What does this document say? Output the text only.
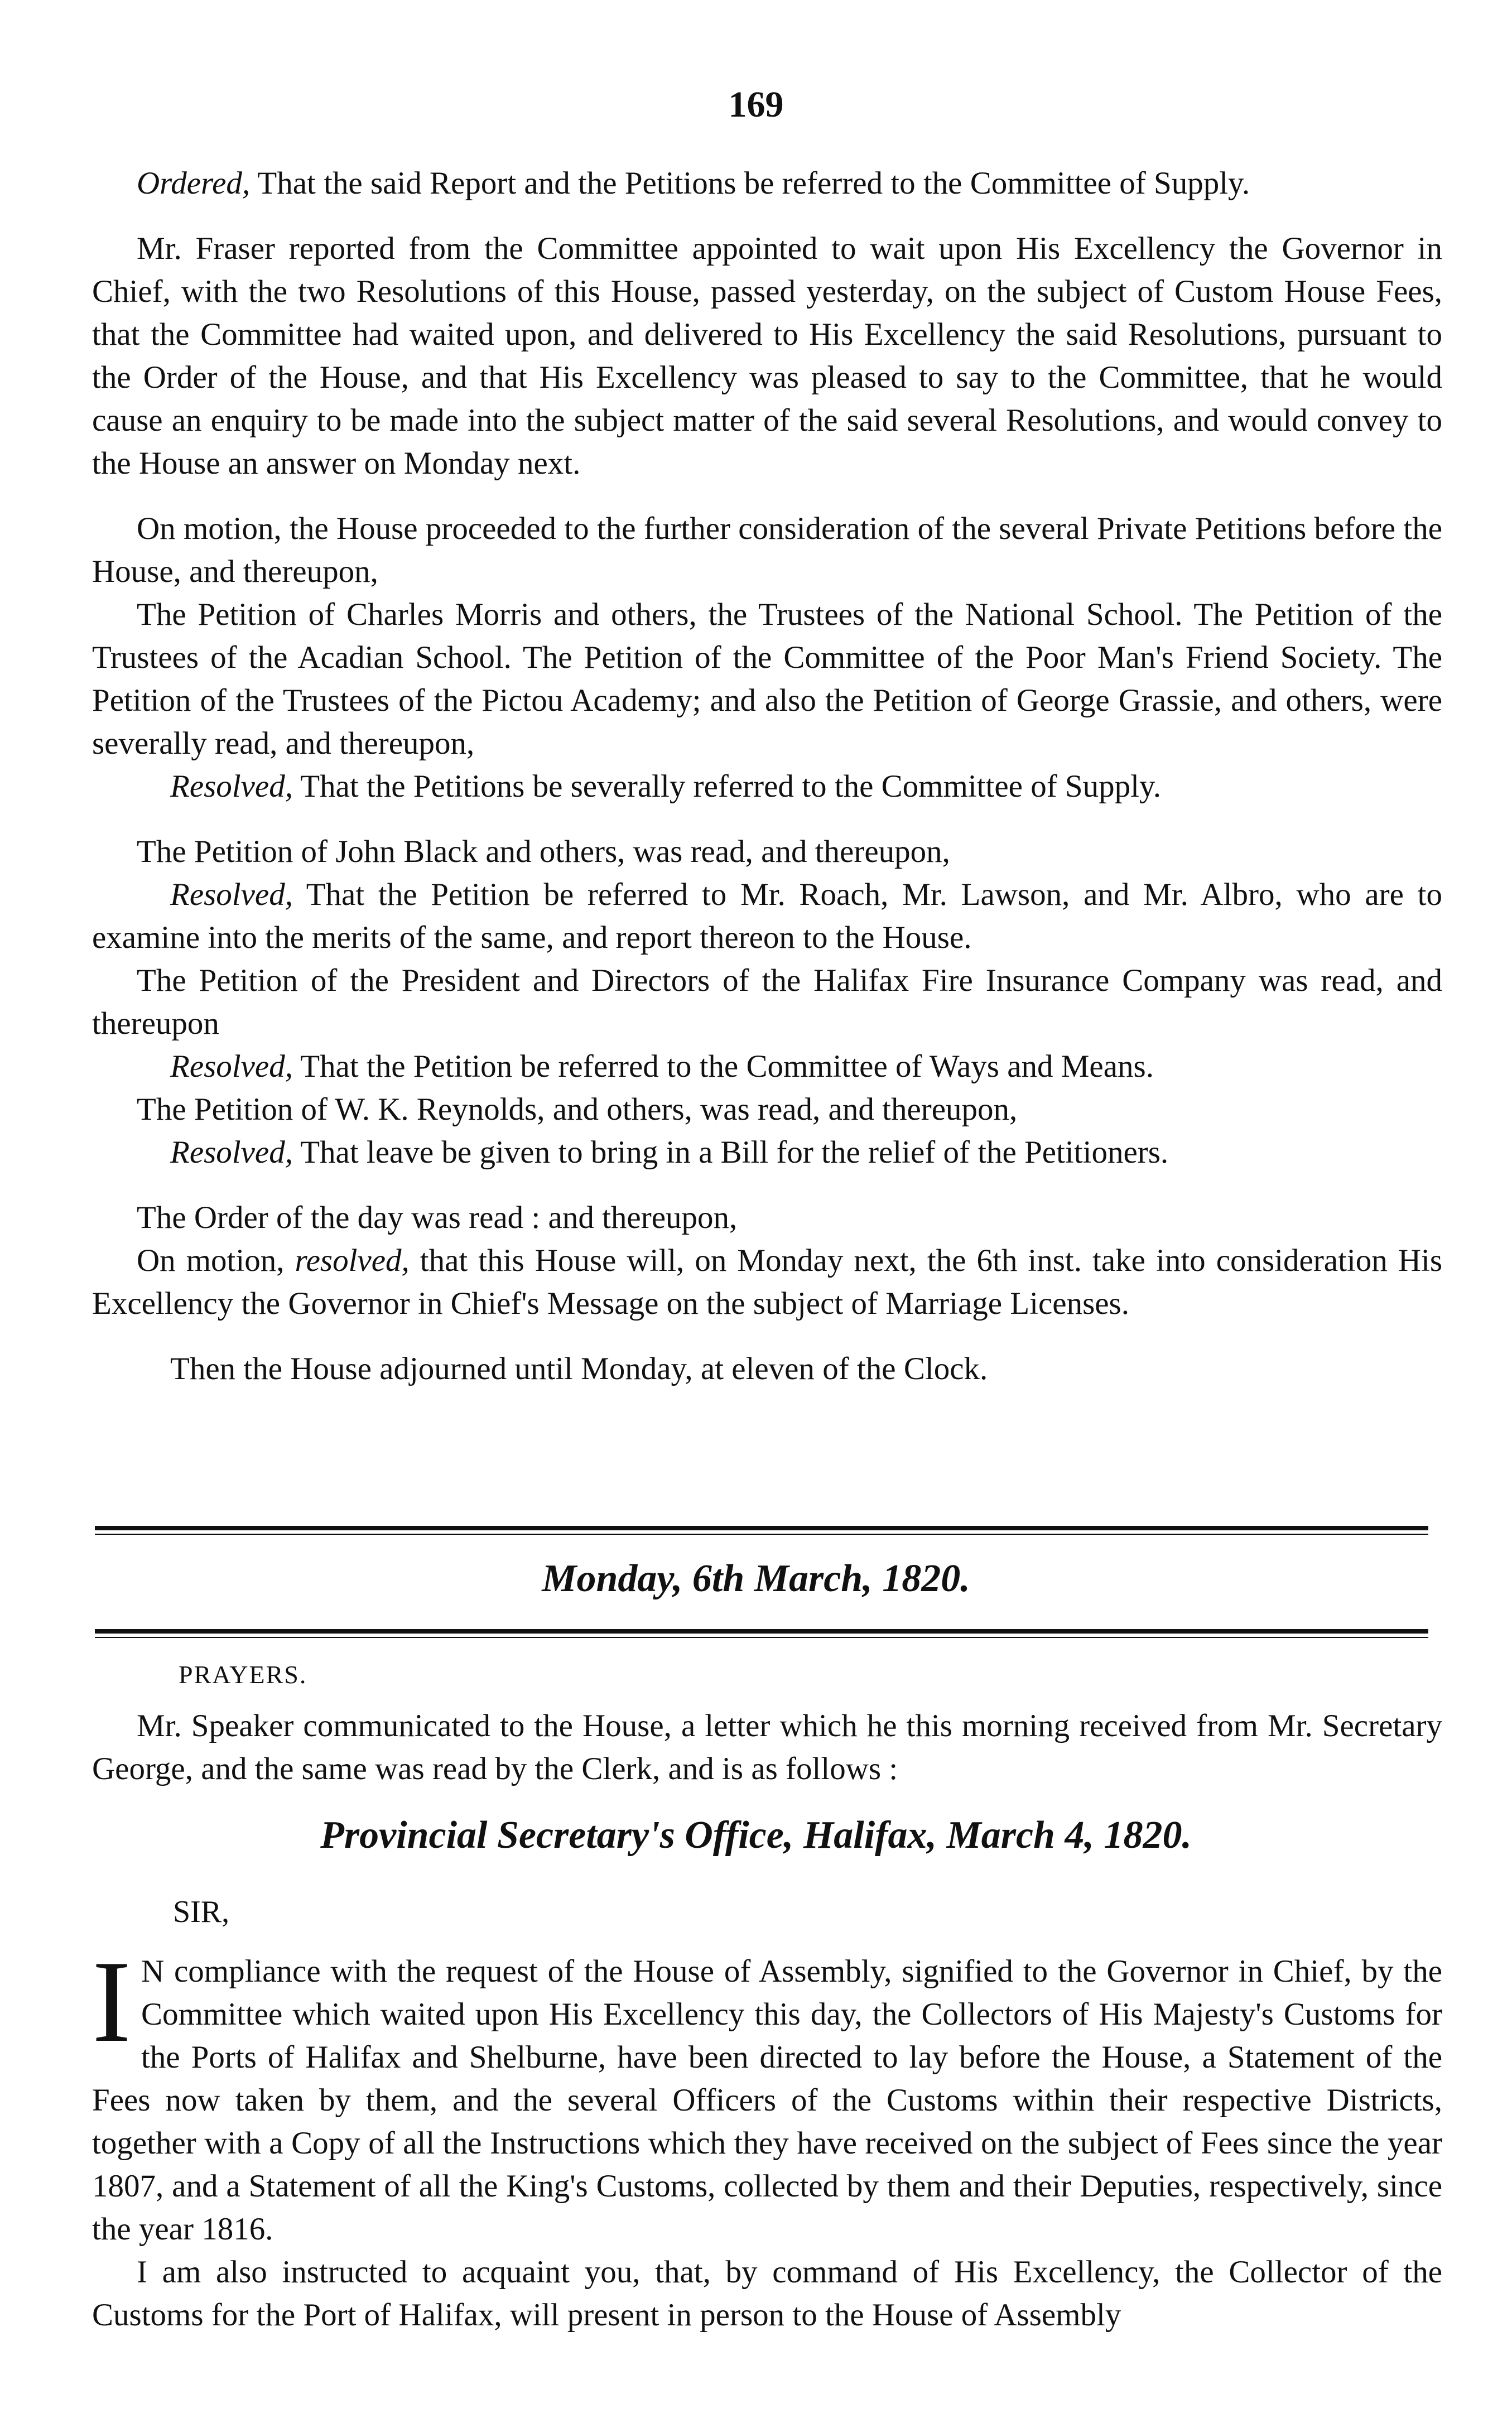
169

Ordered, That the said Report and the Petitions be referred to the Committee of Supply.

Mr. Fraser reported from the Committee appointed to wait upon His Excellency the Governor in Chief, with the two Resolutions of this House, passed yesterday, on the subject of Custom House Fees, that the Committee had waited upon, and delivered to His Excellency the said Resolutions, pursuant to the Order of the House, and that His Excellency was pleased to say to the Committee, that he would cause an enquiry to be made into the subject matter of the said several Resolutions, and would convey to the House an answer on Monday next.

On motion, the House proceeded to the further consideration of the several Private Petitions before the House, and thereupon,

The Petition of Charles Morris and others, the Trustees of the National School. The Petition of the Trustees of the Acadian School. The Petition of the Committee of the Poor Man's Friend Society. The Petition of the Trustees of the Pictou Academy; and also the Petition of George Grassie, and others, were severally read, and thereupon,

Resolved, That the Petitions be severally referred to the Committee of Supply.

The Petition of John Black and others, was read, and thereupon,

Resolved, That the Petition be referred to Mr. Roach, Mr. Lawson, and Mr. Albro, who are to examine into the merits of the same, and report thereon to the House.

The Petition of the President and Directors of the Halifax Fire Insurance Company was read, and thereupon

Resolved, That the Petition be referred to the Committee of Ways and Means.

The Petition of W. K. Reynolds, and others, was read, and thereupon,

Resolved, That leave be given to bring in a Bill for the relief of the Petitioners.

The Order of the day was read : and thereupon,

On motion, resolved, that this House will, on Monday next, the 6th inst. take into consideration His Excellency the Governor in Chief's Message on the subject of Marriage Licenses.

Then the House adjourned until Monday, at eleven of the Clock.

Monday, 6th March, 1820.
PRAYERS.

Mr. Speaker communicated to the House, a letter which he this morning received from Mr. Secretary George, and the same was read by the Clerk, and is as follows :

Provincial Secretary's Office, Halifax, March 4, 1820.
SIR,

I N compliance with the request of the House of Assembly, signified to the Governor in Chief, by the Committee which waited upon His Excellency this day, the Collectors of His Majesty's Customs for the Ports of Halifax and Shelburne, have been directed to lay before the House, a Statement of the Fees now taken by them, and the several Officers of the Customs within their respective Districts, together with a Copy of all the Instructions which they have received on the subject of Fees since the year 1807, and a Statement of all the King's Customs, collected by them and their Deputies, respectively, since the year 1816.

I am also instructed to acquaint you, that, by command of His Excellency, the Collector of the Customs for the Port of Halifax, will present in person to the House of Assembly
